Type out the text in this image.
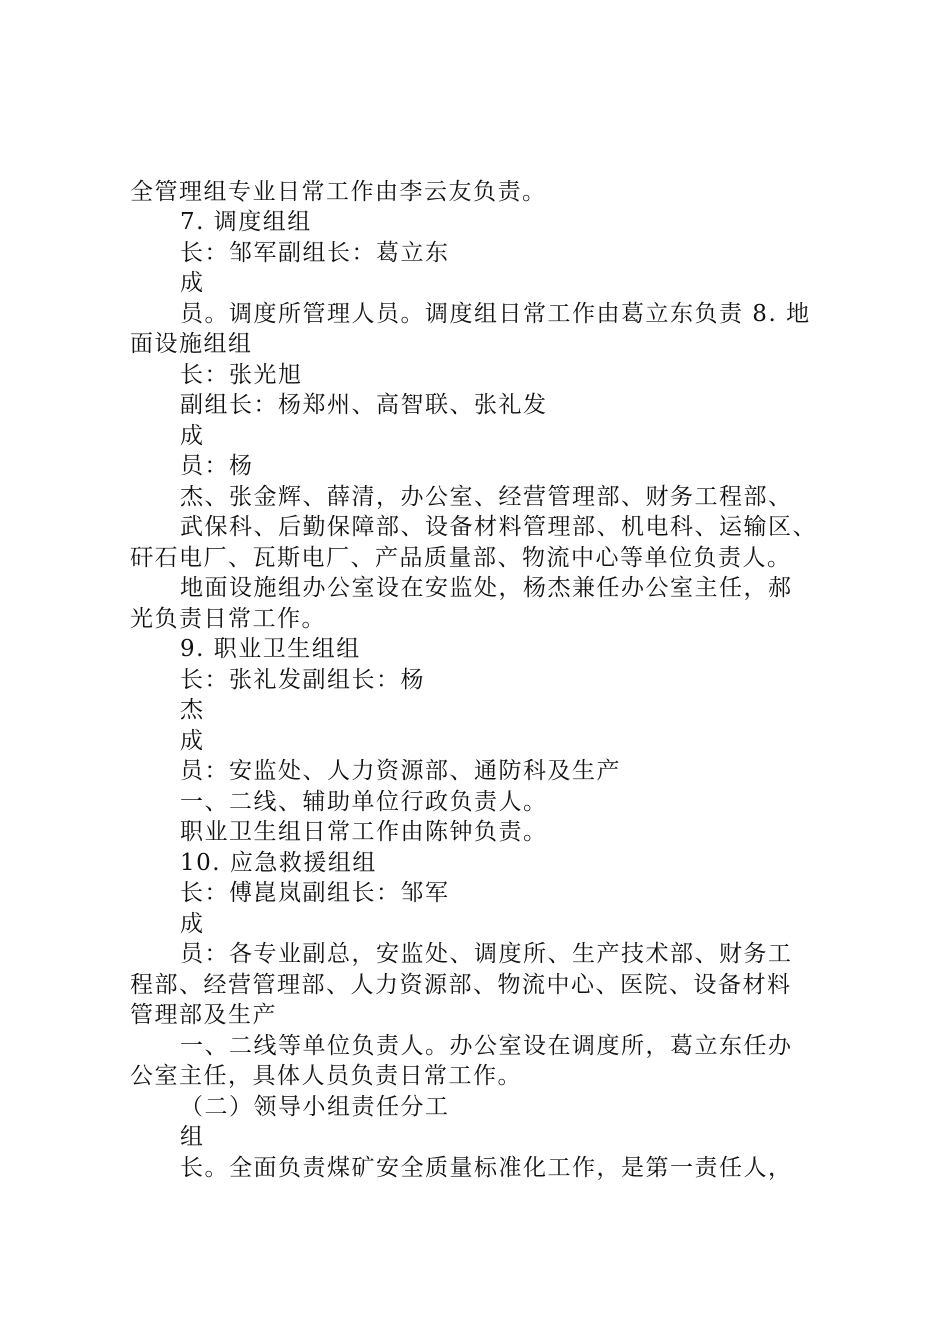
全管理组专业日常工作由李云友负责。
7. 调度组组
长：邹军副组长：葛立东
成
员。调度所管理人员。调度组日常工作由葛立东负责 8. 地
面设施组组
长：张光旭
副组长：杨郑州、高智联、张礼发
成
员：杨
杰、张金辉、薛清，办公室、经营管理部、财务工程部、
武保科、后勤保障部、设备材料管理部、机电科、运输区、
矸石电厂、瓦斯电厂、产品质量部、物流中心等单位负责人。
地面设施组办公室设在安监处，杨杰兼任办公室主任，郝
光负责日常工作。
9. 职业卫生组组
长：张礼发副组长：杨
杰
成
员：安监处、人力资源部、通防科及生产
一、二线、辅助单位行政负责人。
职业卫生组日常工作由陈钟负责。
10. 应急救援组组
长：傅崑岚副组长：邹军
成
员：各专业副总，安监处、调度所、生产技术部、财务工
程部、经营管理部、人力资源部、物流中心、医院、设备材料
管理部及生产
一、二线等单位负责人。办公室设在调度所，葛立东任办
公室主任，具体人员负责日常工作。
（二）领导小组责任分工
组
长。全面负责煤矿安全质量标准化工作，是第一责任人，
